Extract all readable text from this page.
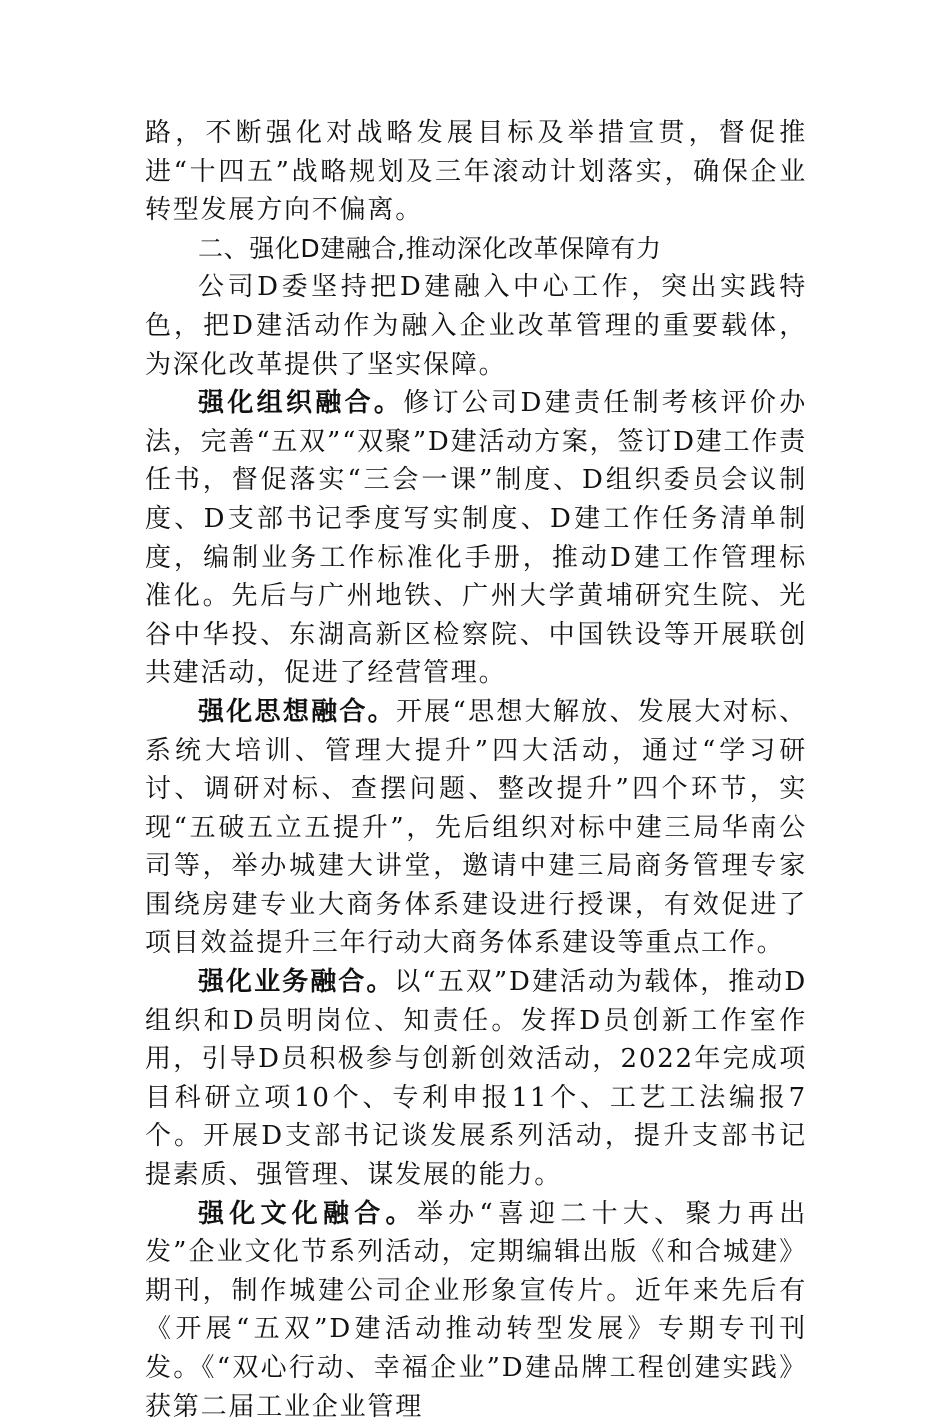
路，不断强化对战略发展目标及举措宣贯，督促推进“十四五”战略规划及三年滚动计划落实，确保企业转型发展方向不偏离。

二、强化D建融合,推动深化改革保障有力

公司D委坚持把D建融入中心工作，突出实践特色，把D建活动作为融入企业改革管理的重要载体，为深化改革提供了坚实保障。

强化组织融合。修订公司D建责任制考核评价办法，完善“五双”“双聚”D建活动方案，签订D建工作责任书，督促落实“三会一课”制度、D组织委员会议制度、D支部书记季度写实制度、D建工作任务清单制度，编制业务工作标准化手册，推动D建工作管理标准化。先后与广州地铁、广州大学黄埔研究生院、光谷中华投、东湖高新区检察院、中国铁设等开展联创共建活动，促进了经营管理。

强化思想融合。开展“思想大解放、发展大对标、系统大培训、管理大提升”四大活动，通过“学习研讨、调研对标、查摆问题、整改提升”四个环节，实现“五破五立五提升”，先后组织对标中建三局华南公司等，举办城建大讲堂，邀请中建三局商务管理专家围绕房建专业大商务体系建设进行授课，有效促进了项目效益提升三年行动大商务体系建设等重点工作。

强化业务融合。以“五双”D建活动为载体，推动D组织和D员明岗位、知责任。发挥D员创新工作室作用，引导D员积极参与创新创效活动，2022年完成项目科研立项10个、专利申报11个、工艺工法编报7个。开展D支部书记谈发展系列活动，提升支部书记提素质、强管理、谋发展的能力。

强化文化融合。举办“喜迎二十大、聚力再出发”企业文化节系列活动，定期编辑出版《和合城建》期刊，制作城建公司企业形象宣传片。近年来先后有《开展“五双”D建活动推动转型发展》专期专刊刊发。《“双心行动、幸福企业”D建品牌工程创建实践》获第二届工业企业管理
